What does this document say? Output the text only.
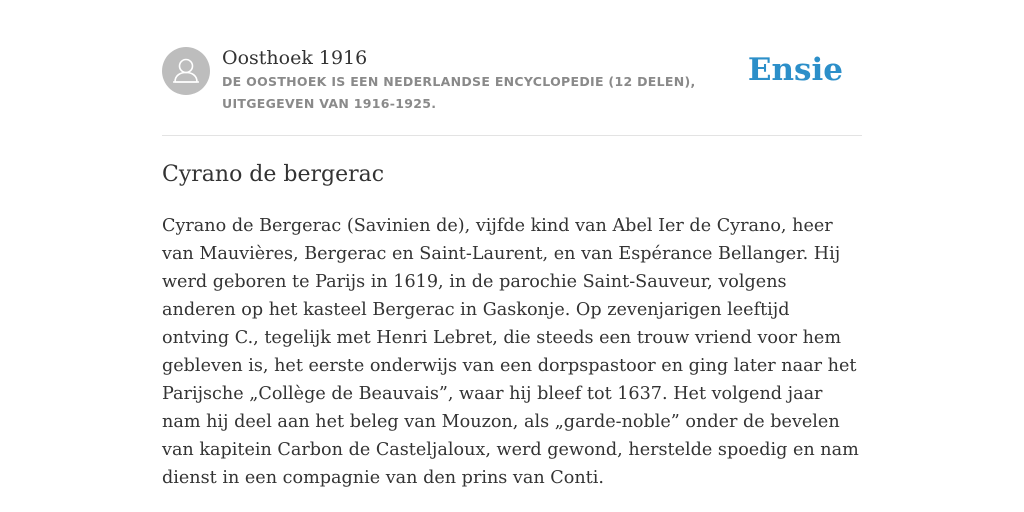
Oosthoek 1916
DE OOSTHOEK IS EEN NEDERLANDSE ENCYCLOPEDIE (12 DELEN), UITGEGEVEN VAN 1916-1925.
Ensie
Cyrano de bergerac

Cyrano de Bergerac (Savinien de), vijfde kind van Abel Ier de Cyrano, heer van Mauvières, Bergerac en Saint-Laurent, en van Espérance Bellanger. Hij werd geboren te Parijs in 1619, in de parochie Saint-Sauveur, volgens anderen op het kasteel Bergerac in Gaskonje. Op zevenjarigen leeftijd ontving C., tegelijk met Henri Lebret, die steeds een trouw vriend voor hem gebleven is, het eerste onderwijs van een dorpspastoor en ging later naar het Parijsche „Collège de Beauvais”, waar hij bleef tot 1637. Het volgend jaar nam hij deel aan het beleg van Mouzon, als „garde-noble” onder de bevelen van kapitein Carbon de Casteljaloux, werd gewond, herstelde spoedig en nam dienst in een compagnie van den prins van Conti.
